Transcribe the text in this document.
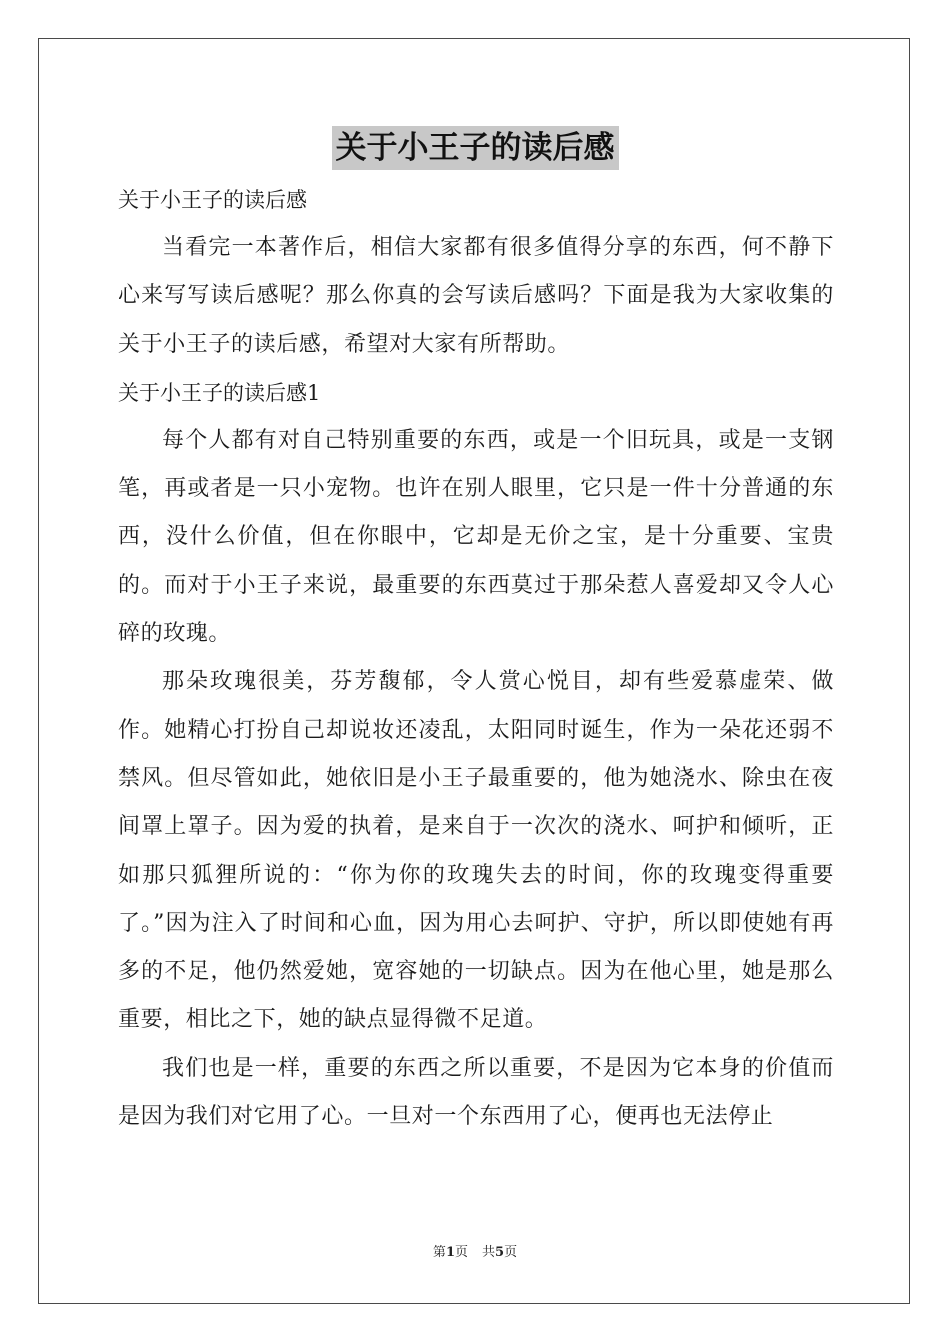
关于小王子的读后感

关于小王子的读后感

当看完一本著作后，相信大家都有很多值得分享的东西，何不静下心来写写读后感呢？那么你真的会写读后感吗？下面是我为大家收集的关于小王子的读后感，希望对大家有所帮助。

关于小王子的读后感1

每个人都有对自己特别重要的东西，或是一个旧玩具，或是一支钢笔，再或者是一只小宠物。也许在别人眼里，它只是一件十分普通的东西，没什么价值，但在你眼中，它却是无价之宝，是十分重要、宝贵的。而对于小王子来说，最重要的东西莫过于那朵惹人喜爱却又令人心碎的玫瑰。

那朵玫瑰很美，芬芳馥郁，令人赏心悦目，却有些爱慕虚荣、做作。她精心打扮自己却说妆还凌乱，太阳同时诞生，作为一朵花还弱不禁风。但尽管如此，她依旧是小王子最重要的，他为她浇水、除虫在夜间罩上罩子。因为爱的执着，是来自于一次次的浇水、呵护和倾听，正如那只狐狸所说的：“你为你的玫瑰失去的时间，你的玫瑰变得重要了。”因为注入了时间和心血，因为用心去呵护、守护，所以即使她有再多的不足，他仍然爱她，宽容她的一切缺点。因为在他心里，她是那么重要，相比之下，她的缺点显得微不足道。

我们也是一样，重要的东西之所以重要，不是因为它本身的价值而是因为我们对它用了心。一旦对一个东西用了心，便再也无法停止

第1页 共5页
